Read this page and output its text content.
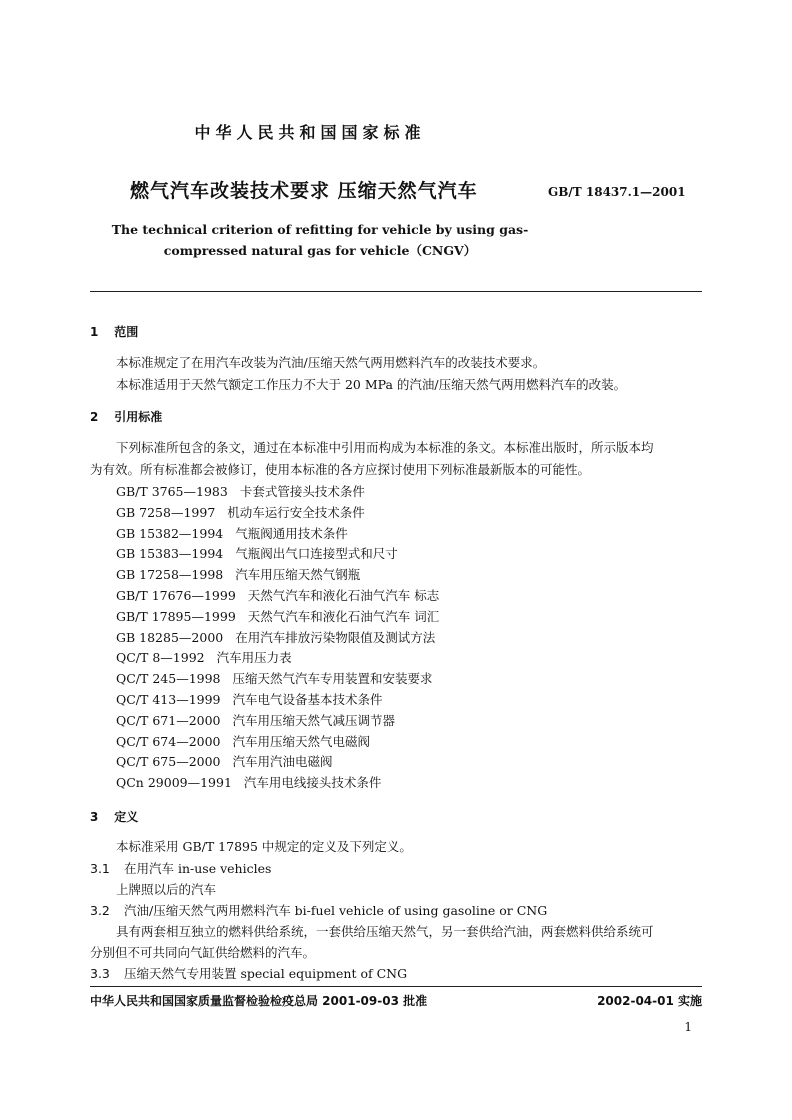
中华人民共和国国家标准
燃气汽车改装技术要求 压缩天然气汽车	GB/T 18437.1—2001
The technical criterion of refitting for vehicle by using gas-
compressed natural gas for vehicle（CNGV）
1 范围
本标准规定了在用汽车改装为汽油/压缩天然气两用燃料汽车的改装技术要求。
本标准适用于天然气额定工作压力不大于 20 MPa 的汽油/压缩天然气两用燃料汽车的改装。
2 引用标准
下列标准所包含的条文，通过在本标准中引用而构成为本标准的条文。本标准出版时，所示版本均
为有效。所有标准都会被修订，使用本标准的各方应探讨使用下列标准最新版本的可能性。
GB/T 3765—1983 卡套式管接头技术条件
GB 7258—1997 机动车运行安全技术条件
GB 15382—1994 气瓶阀通用技术条件
GB 15383—1994 气瓶阀出气口连接型式和尺寸
GB 17258—1998 汽车用压缩天然气钢瓶
GB/T 17676—1999 天然气汽车和液化石油气汽车 标志
GB/T 17895—1999 天然气汽车和液化石油气汽车 词汇
GB 18285—2000 在用汽车排放污染物限值及测试方法
QC/T 8—1992 汽车用压力表
QC/T 245—1998 压缩天然气汽车专用装置和安装要求
QC/T 413—1999 汽车电气设备基本技术条件
QC/T 671—2000 汽车用压缩天然气减压调节器
QC/T 674—2000 汽车用压缩天然气电磁阀
QC/T 675—2000 汽车用汽油电磁阀
QCn 29009—1991 汽车用电线接头技术条件
3 定义
本标准采用 GB/T 17895 中规定的定义及下列定义。
3.1 在用汽车 in-use vehicles
上牌照以后的汽车
3.2 汽油/压缩天然气两用燃料汽车 bi-fuel vehicle of using gasoline or CNG
具有两套相互独立的燃料供给系统，一套供给压缩天然气，另一套供给汽油，两套燃料供给系统可
分别但不可共同向气缸供给燃料的汽车。
3.3 压缩天然气专用装置 special equipment of CNG
中华人民共和国国家质量监督检验检疫总局 2001-09-03 批准	2002-04-01 实施
1
